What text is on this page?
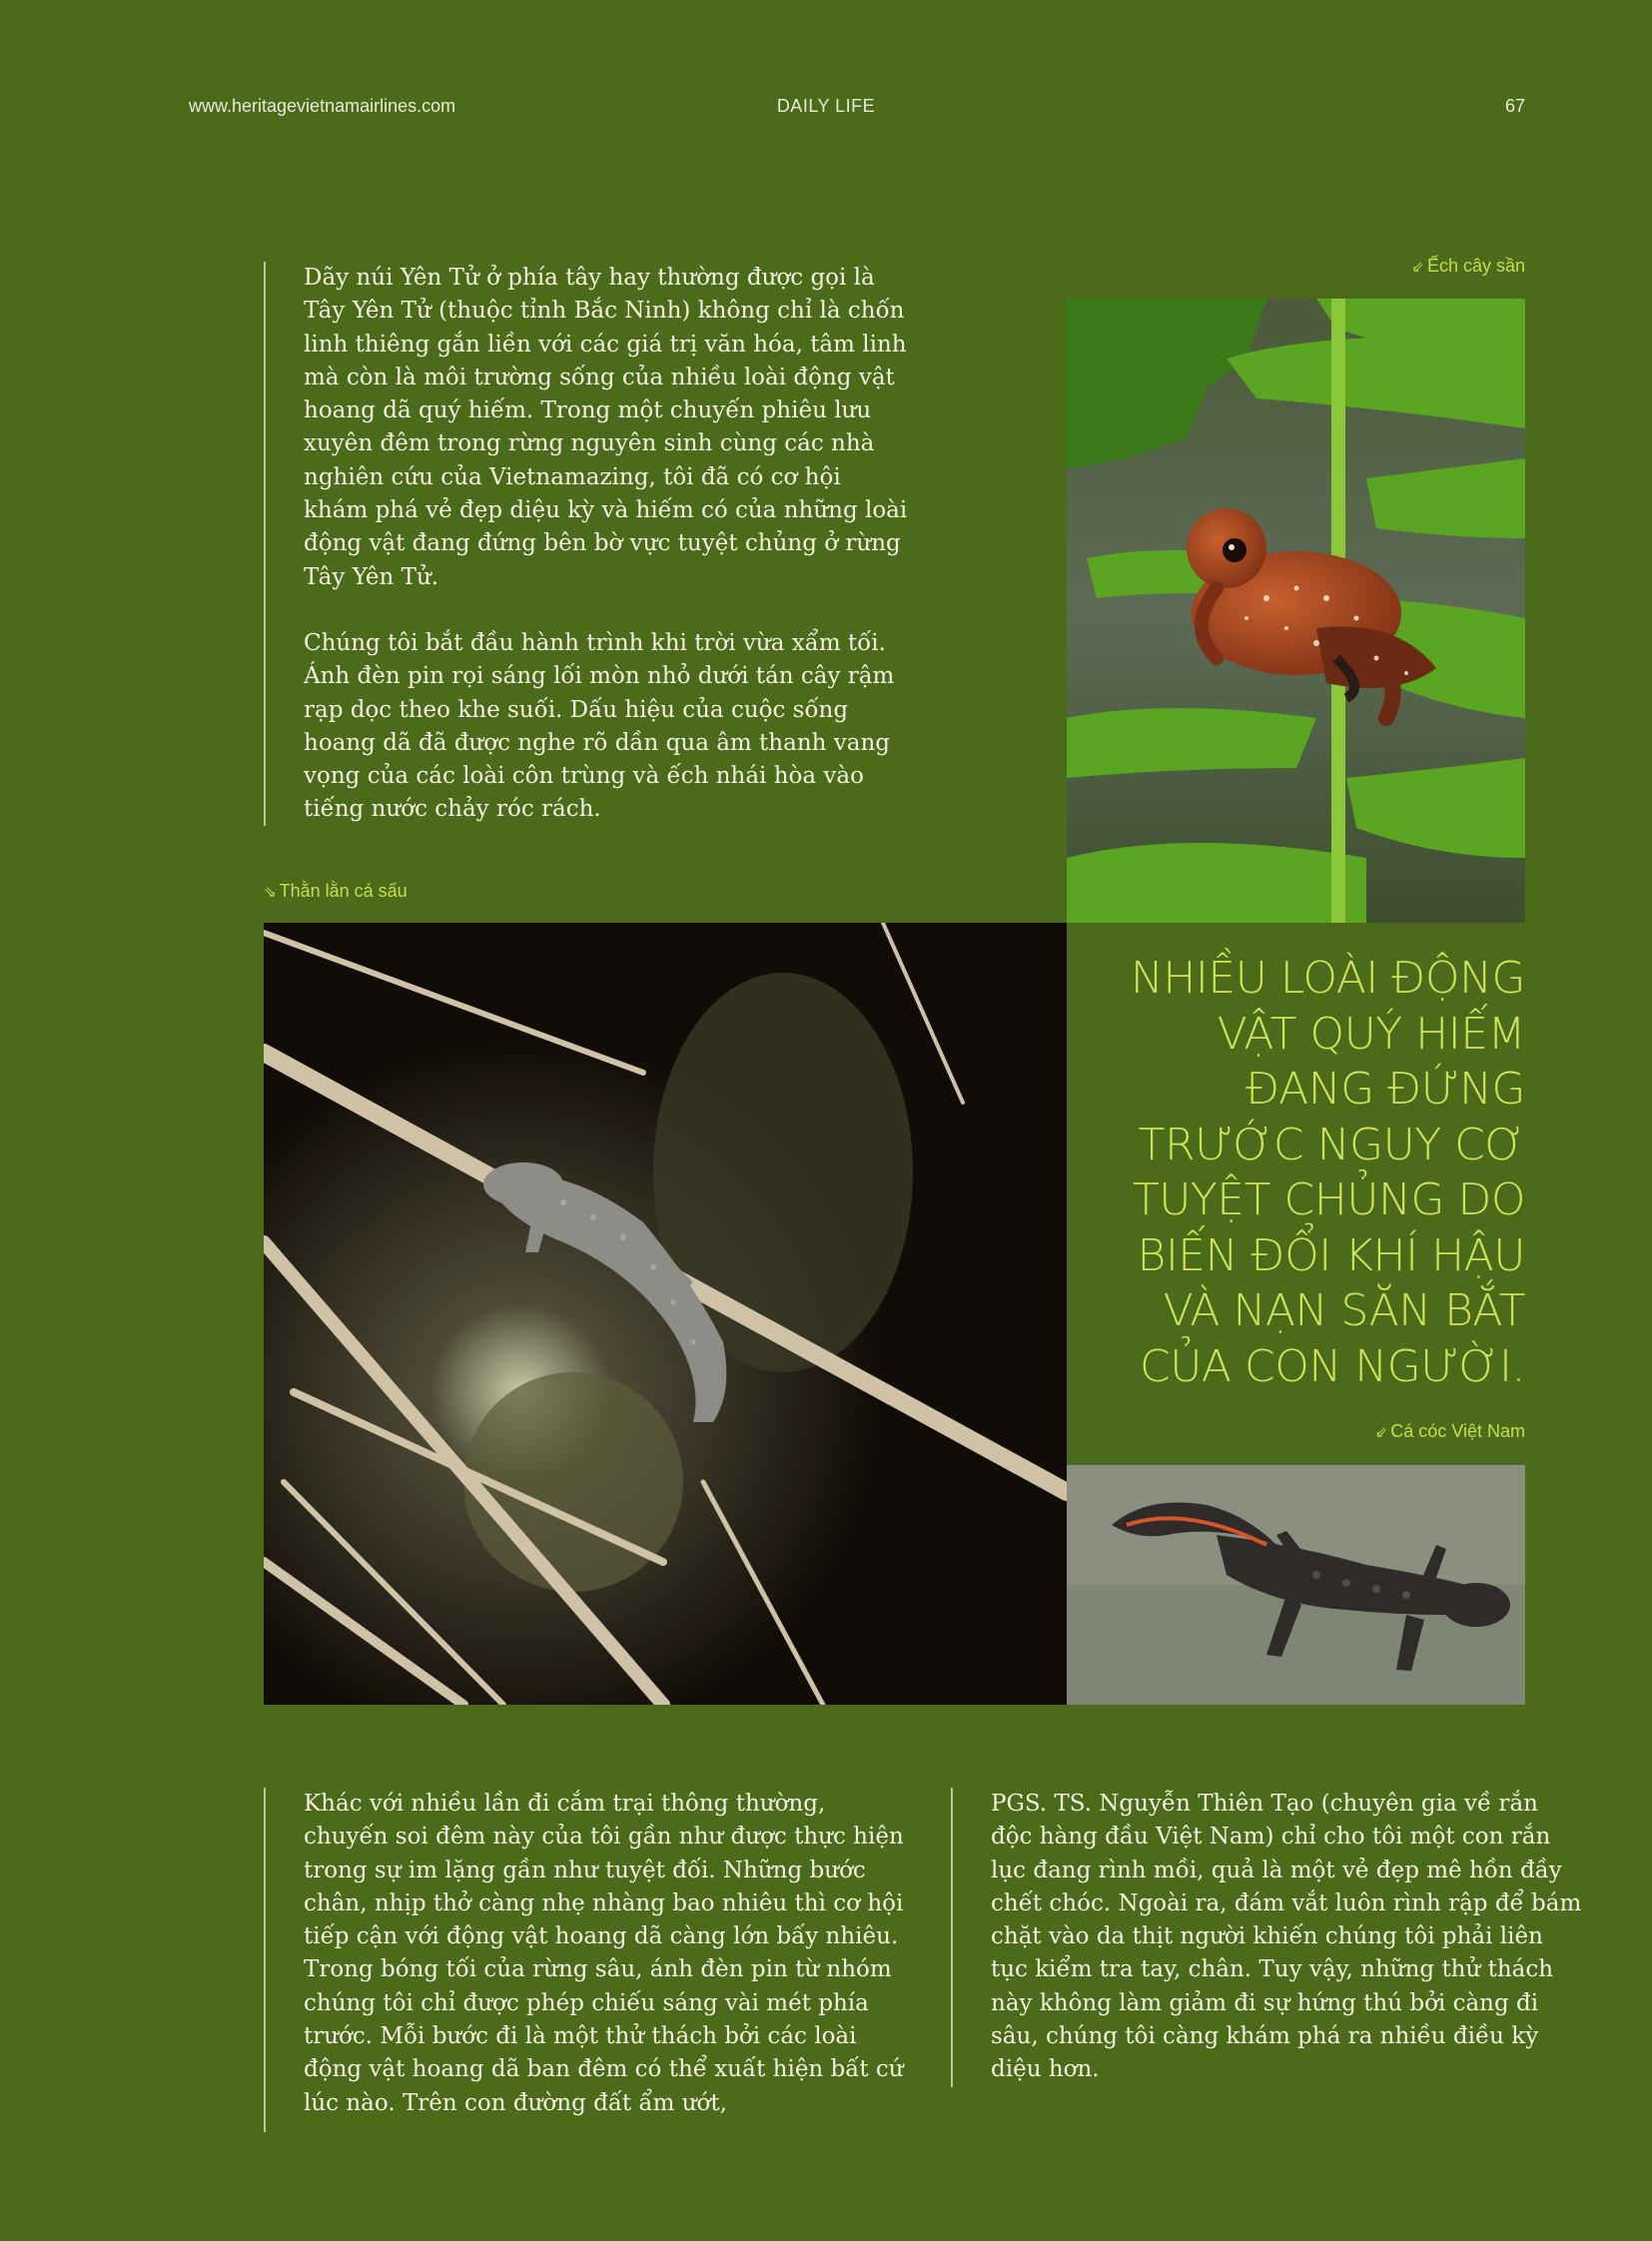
www.heritagevietnamairlines.com	DAILY LIFE	67

Dãy núi Yên Tử ở phía tây hay thường được gọi là Tây Yên Tử (thuộc tỉnh Bắc Ninh) không chỉ là chốn linh thiêng gắn liền với các giá trị văn hóa, tâm linh mà còn là môi trường sống của nhiều loài động vật hoang dã quý hiếm. Trong một chuyến phiêu lưu xuyên đêm trong rừng nguyên sinh cùng các nhà nghiên cứu của Vietnamazing, tôi đã có cơ hội khám phá vẻ đẹp diệu kỳ và hiếm có của những loài động vật đang đứng bên bờ vực tuyệt chủng ở rừng Tây Yên Tử.

Chúng tôi bắt đầu hành trình khi trời vừa xẩm tối. Ánh đèn pin rọi sáng lối mòn nhỏ dưới tán cây rậm rạp dọc theo khe suối. Dấu hiệu của cuộc sống hoang dã đã được nghe rõ dần qua âm thanh vang vọng của các loài côn trùng và ếch nhái hòa vào tiếng nước chảy róc rách.

⇙ Ếch cây sần
⇘ Thằn lằn cá sấu
NHIỀU LOÀI ĐỘNG VẬT QUÝ HIẾM ĐANG ĐỨNG TRƯỚC NGUY CƠ TUYỆT CHỦNG DO BIẾN ĐỔI KHÍ HẬU VÀ NẠN SĂN BẮT CỦA CON NGƯỜI.
⇙ Cá cóc Việt Nam

Khác với nhiều lần đi cắm trại thông thường, chuyến soi đêm này của tôi gần như được thực hiện trong sự im lặng gần như tuyệt đối. Những bước chân, nhịp thở càng nhẹ nhàng bao nhiêu thì cơ hội tiếp cận với động vật hoang dã càng lớn bấy nhiêu. Trong bóng tối của rừng sâu, ánh đèn pin từ nhóm chúng tôi chỉ được phép chiếu sáng vài mét phía trước. Mỗi bước đi là một thử thách bởi các loài động vật hoang dã ban đêm có thể xuất hiện bất cứ lúc nào. Trên con đường đất ẩm ướt,

PGS. TS. Nguyễn Thiên Tạo (chuyên gia về rắn độc hàng đầu Việt Nam) chỉ cho tôi một con rắn lục đang rình mồi, quả là một vẻ đẹp mê hồn đầy chết chóc. Ngoài ra, đám vắt luôn rình rập để bám chặt vào da thịt người khiến chúng tôi phải liên tục kiểm tra tay, chân. Tuy vậy, những thử thách này không làm giảm đi sự hứng thú bởi càng đi sâu, chúng tôi càng khám phá ra nhiều điều kỳ diệu hơn.
